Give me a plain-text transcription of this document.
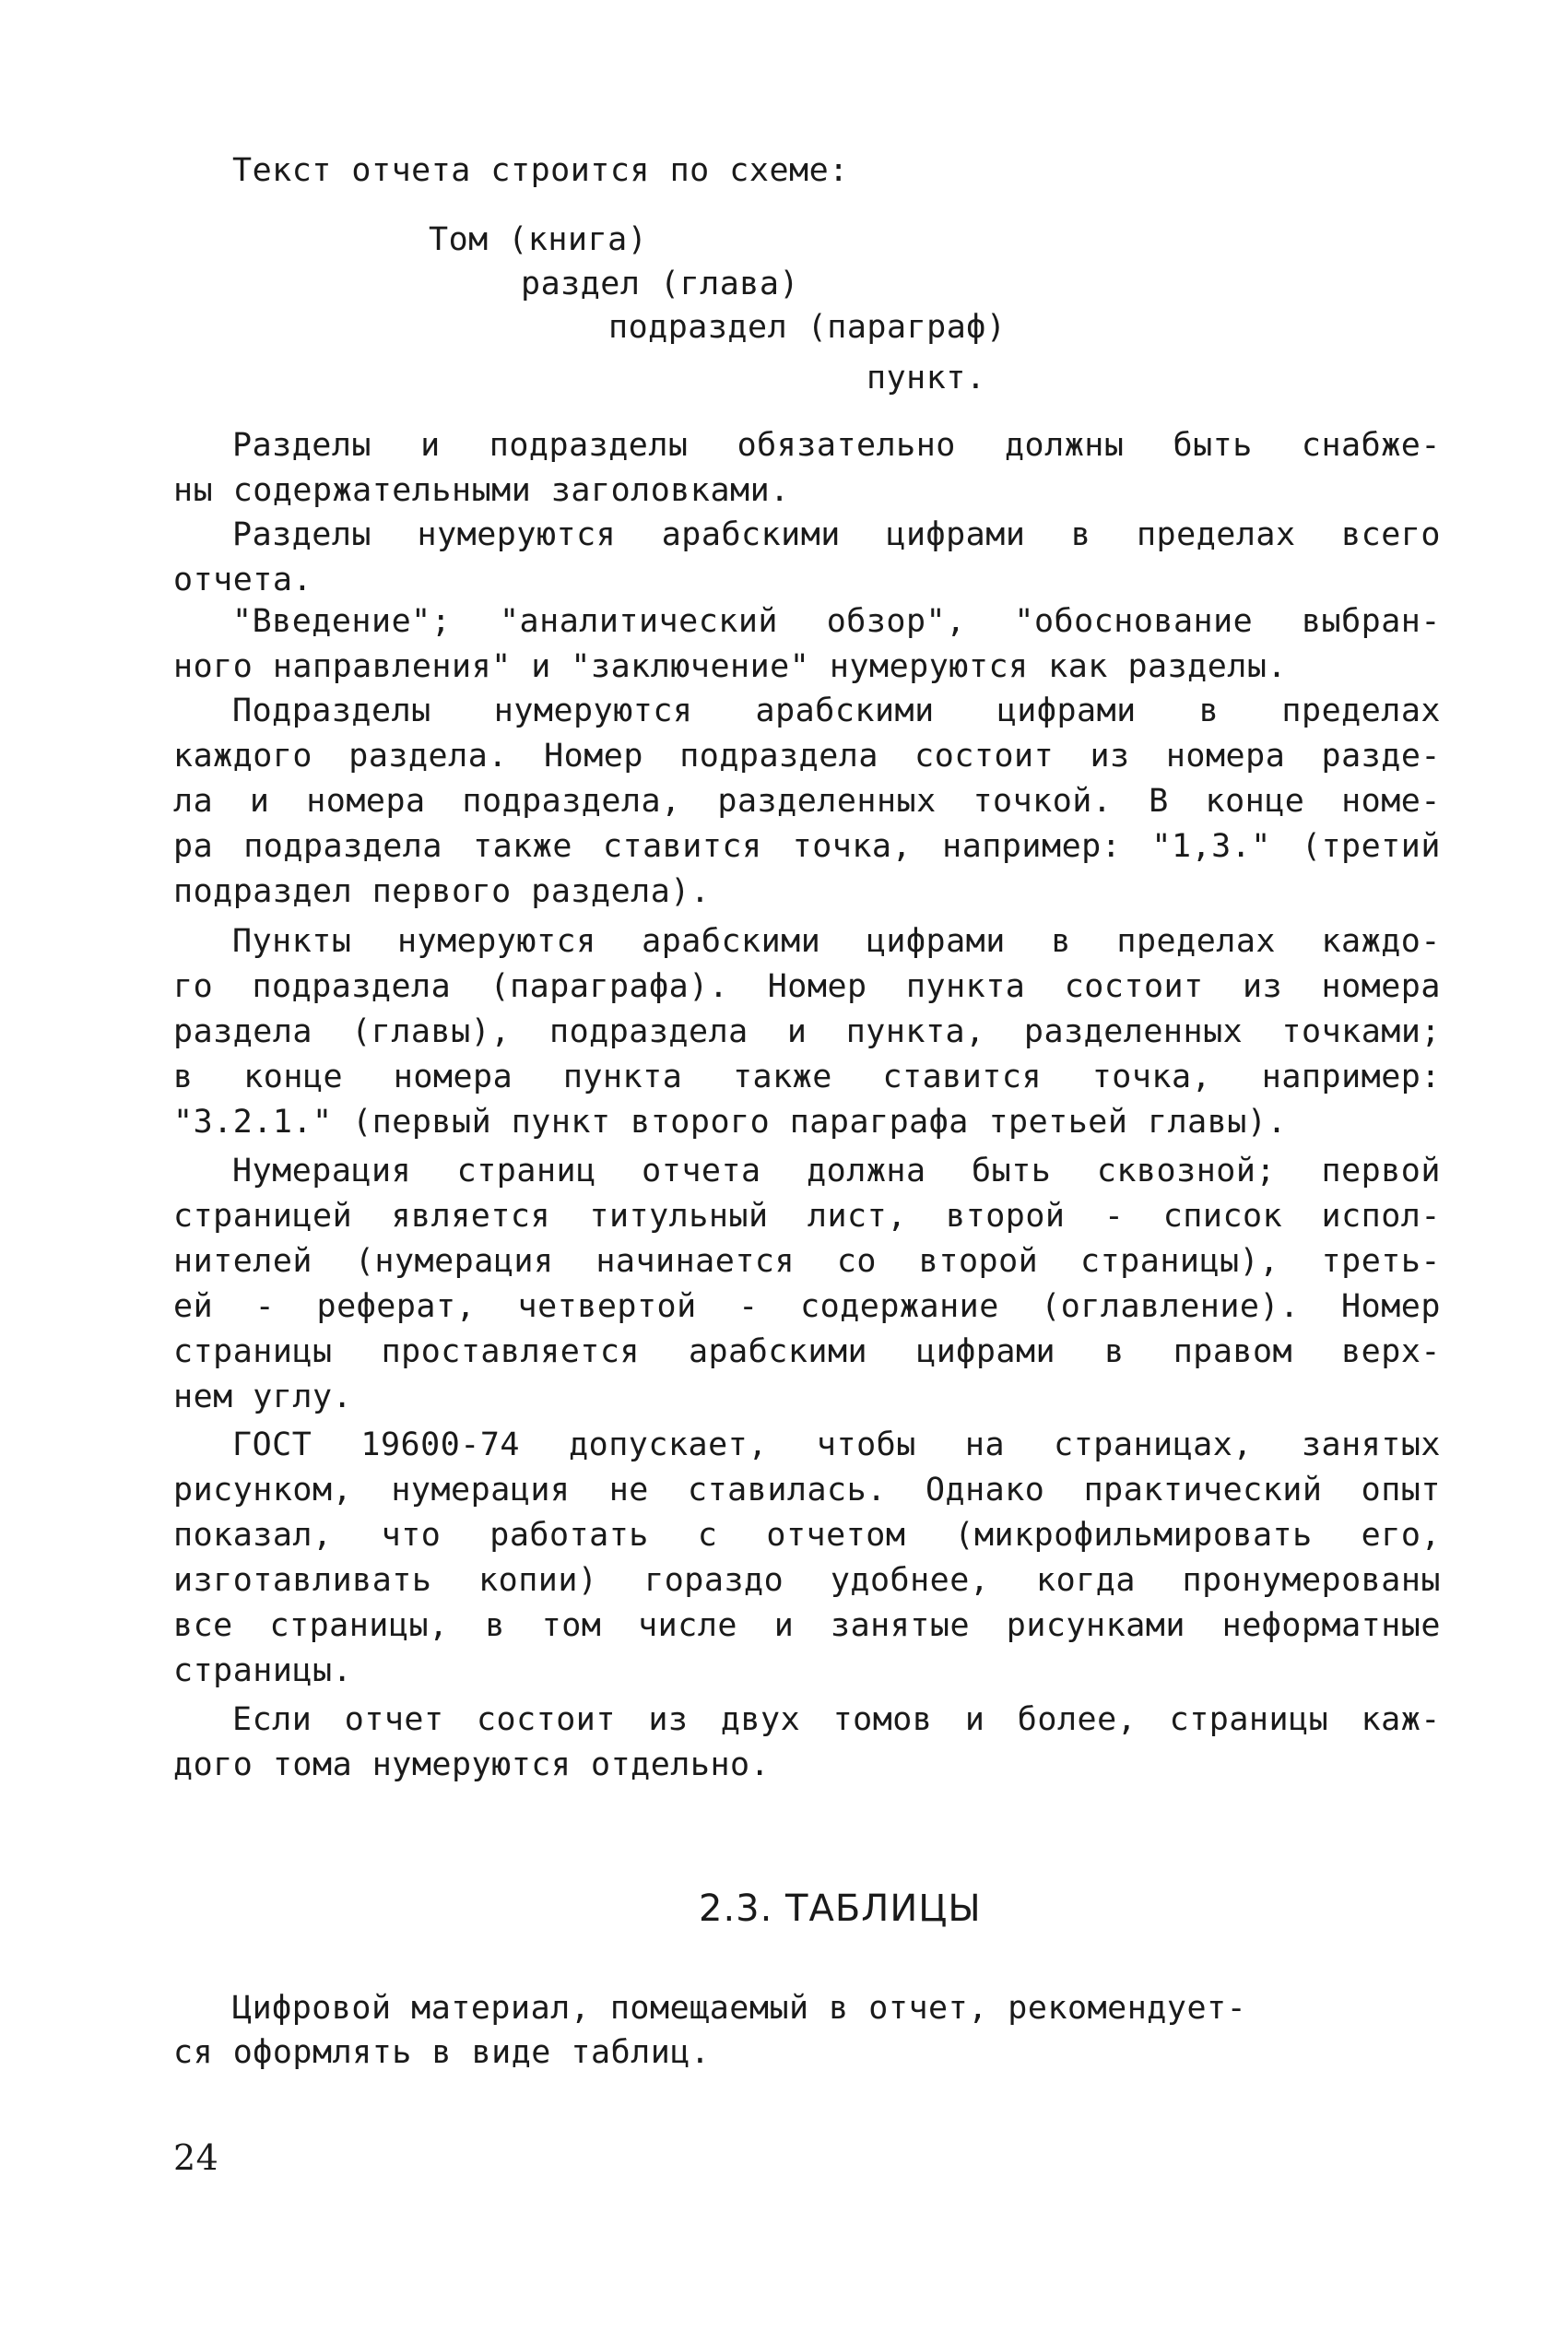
Текст отчета строится по схеме:
Том (книга)
раздел (глава)
подраздел (параграф)
пункт.
Разделы и подразделы обязательно должны быть снабже-
ны содержательными заголовками.
Разделы нумеруются арабскими цифрами в пределах всего
отчета.
"Введение"; "аналитический обзор", "обоснование выбран-
ного направления" и "заключение" нумеруются как разделы.
Подразделы нумеруются арабскими цифрами в пределах
каждого раздела. Номер подраздела состоит из номера разде-
ла и номера подраздела, разделенных точкой. В конце номе-
ра подраздела также ставится точка, например: "1,3." (третий
подраздел первого раздела).
Пункты нумеруются арабскими цифрами в пределах каждо-
го подраздела (параграфа). Номер пункта состоит из номера
раздела (главы), подраздела и пункта, разделенных точками;
в конце номера пункта также ставится точка, например:
"3.2.1." (первый пункт второго параграфа третьей главы).
Нумерация страниц отчета должна быть сквозной; первой
страницей является титульный лист, второй - список испол-
нителей (нумерация начинается со второй страницы), треть-
ей - реферат, четвертой - содержание (оглавление). Номер
страницы проставляется арабскими цифрами в правом верх-
нем углу.
ГОСТ 19600-74 допускает, чтобы на страницах, занятых
рисунком, нумерация не ставилась. Однако практический опыт
показал, что работать с отчетом (микрофильмировать его,
изготавливать копии) гораздо удобнее, когда пронумерованы
все страницы, в том числе и занятые рисунками неформатные
страницы.
Если отчет состоит из двух томов и более, страницы каж-
дого тома нумеруются отдельно.
2.3. ТАБЛИЦЫ
Цифровой материал, помещаемый в отчет, рекомендует-
ся оформлять в виде таблиц.
24
